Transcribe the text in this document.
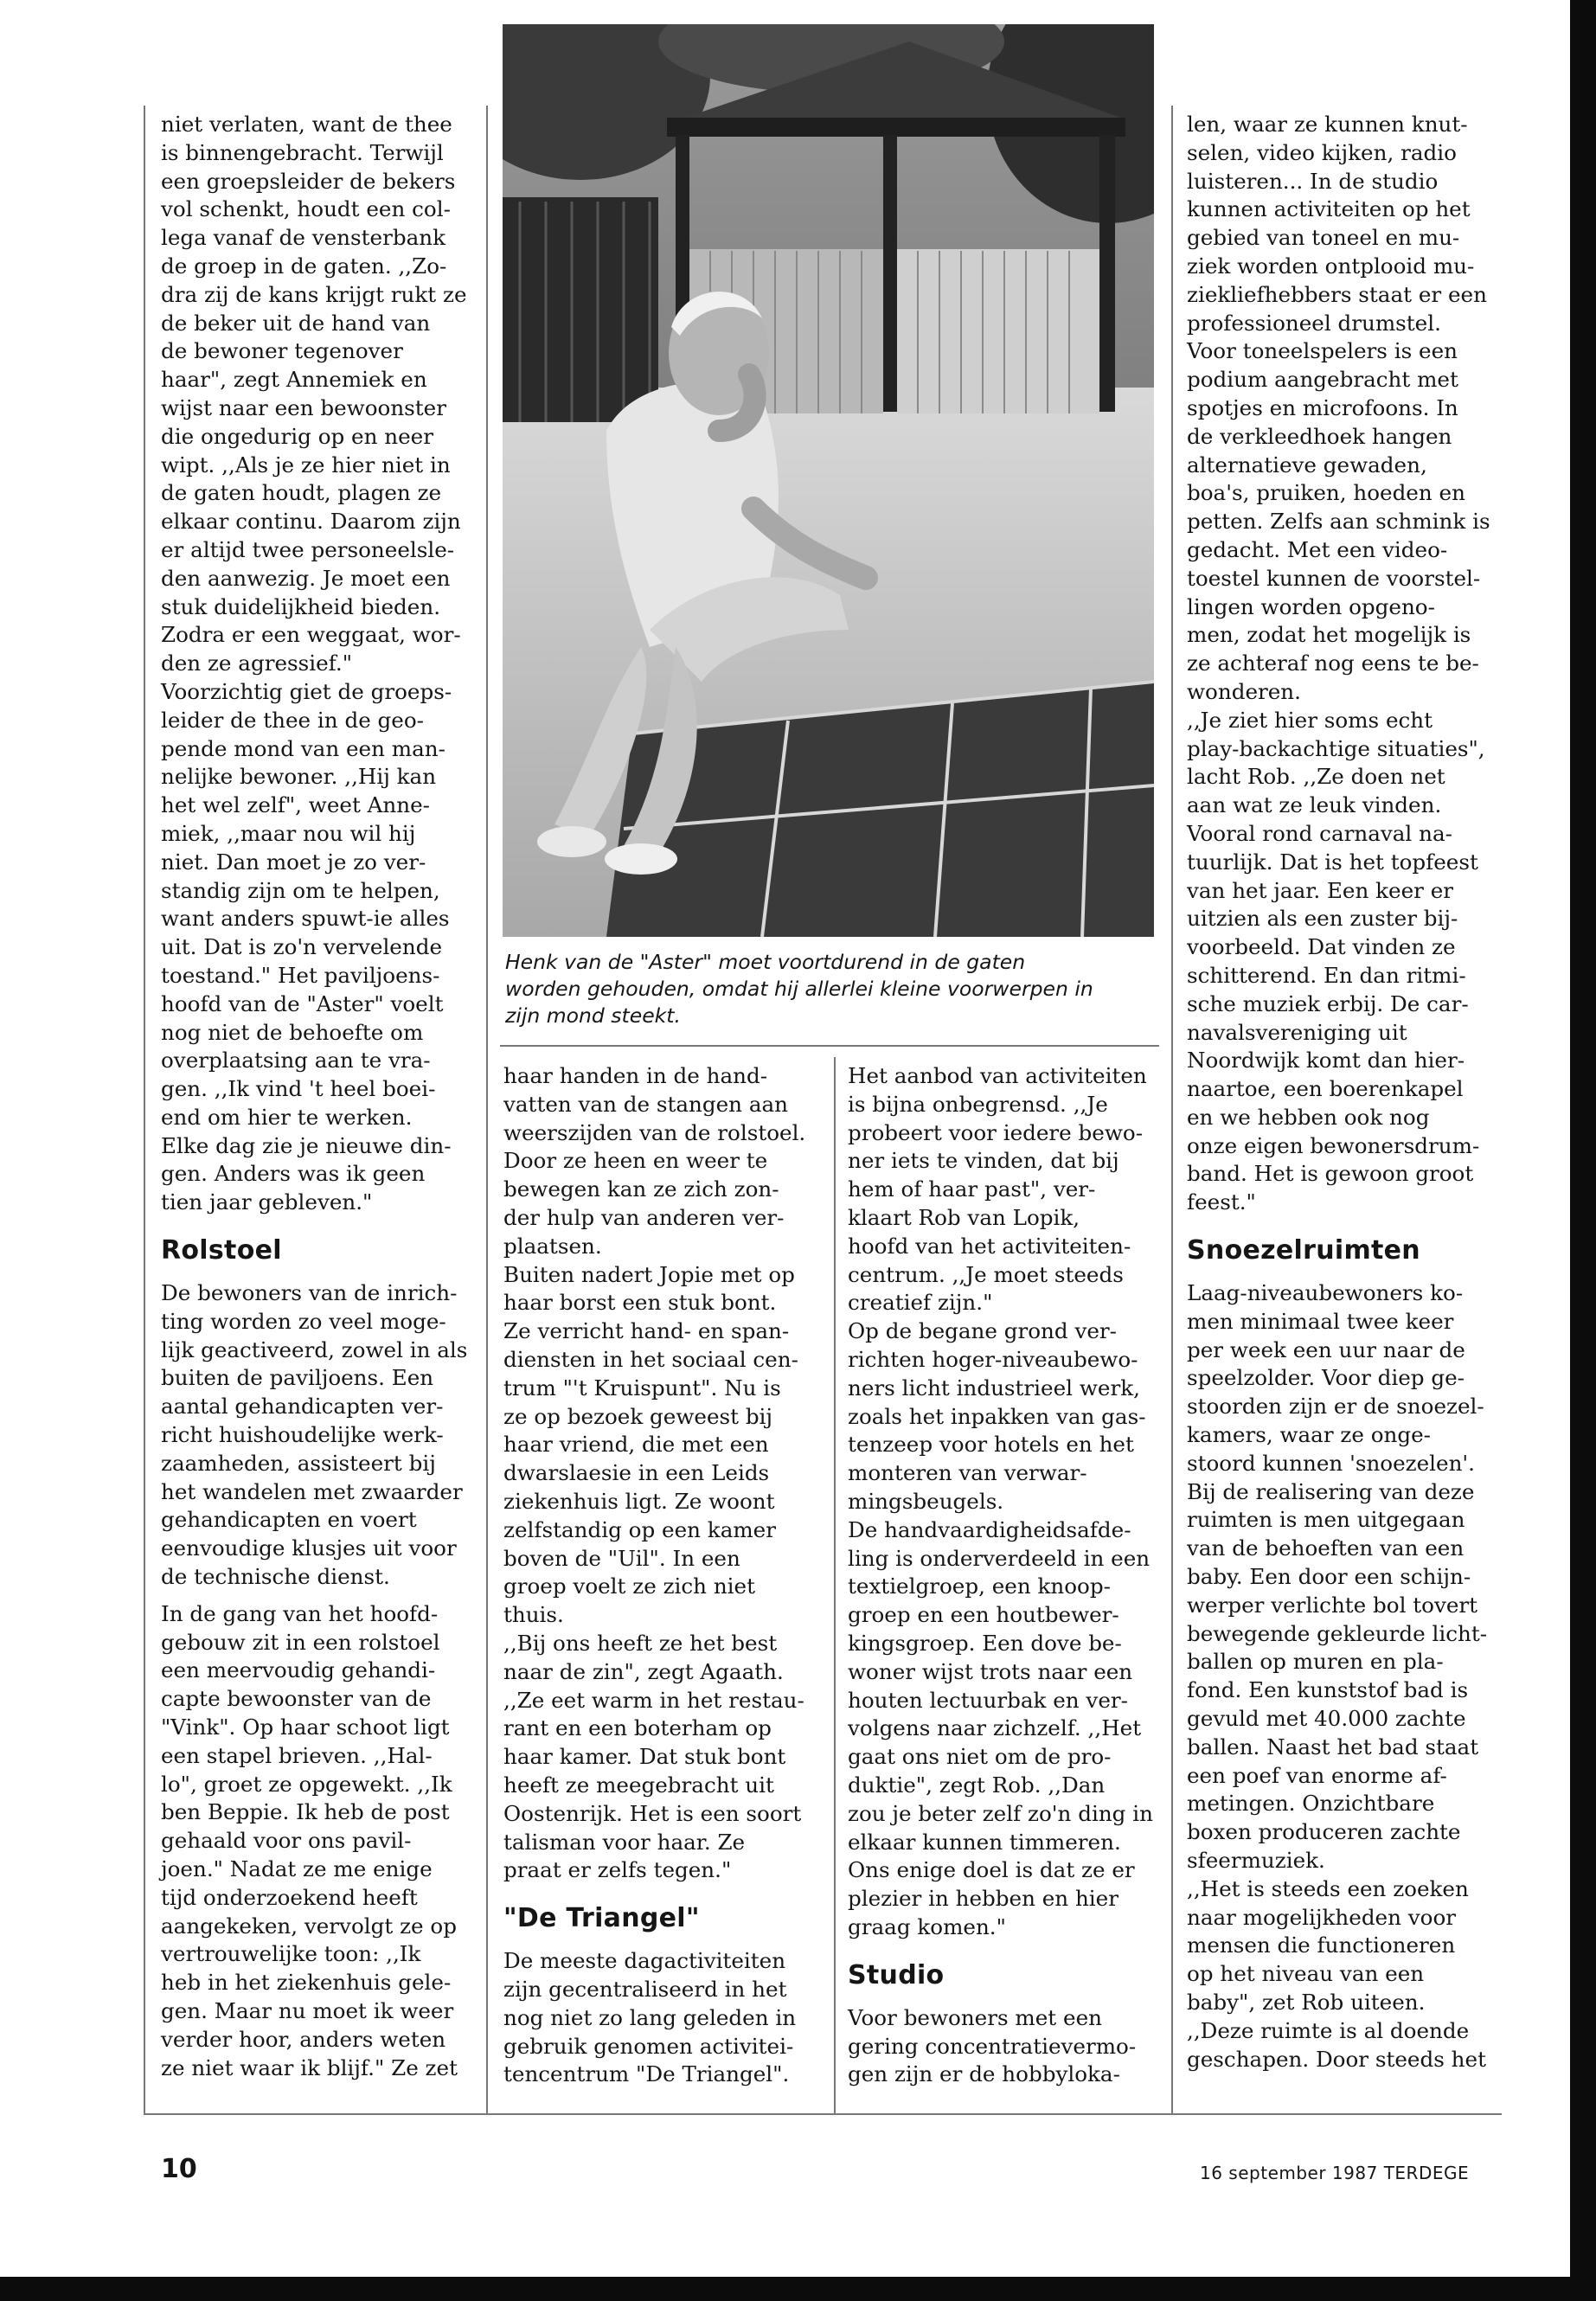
Henk van de "Aster" moet voortdurend in de gaten

worden gehouden, omdat hij allerlei kleine voorwerpen in

zijn mond steekt.

niet verlaten, want de thee

is binnengebracht. Terwijl

een groepsleider de bekers

vol schenkt, houdt een col-

lega vanaf de vensterbank

de groep in de gaten. ,,Zo-

dra zij de kans krijgt rukt ze

de beker uit de hand van

de bewoner tegenover

haar", zegt Annemiek en

wijst naar een bewoonster

die ongedurig op en neer

wipt. ,,Als je ze hier niet in

de gaten houdt, plagen ze

elkaar continu. Daarom zijn

er altijd twee personeelsle-

den aanwezig. Je moet een

stuk duidelijkheid bieden.

Zodra er een weggaat, wor-

den ze agressief."

Voorzichtig giet de groeps-

leider de thee in de geo-

pende mond van een man-

nelijke bewoner. ,,Hij kan

het wel zelf", weet Anne-

miek, ,,maar nou wil hij

niet. Dan moet je zo ver-

standig zijn om te helpen,

want anders spuwt-ie alles

uit. Dat is zo'n vervelende

toestand." Het paviljoens-

hoofd van de "Aster" voelt

nog niet de behoefte om

overplaatsing aan te vra-

gen. ,,Ik vind 't heel boei-

end om hier te werken.

Elke dag zie je nieuwe din-

gen. Anders was ik geen

tien jaar gebleven."

Rolstoel

De bewoners van de inrich-

ting worden zo veel moge-

lijk geactiveerd, zowel in als

buiten de paviljoens. Een

aantal gehandicapten ver-

richt huishoudelijke werk-

zaamheden, assisteert bij

het wandelen met zwaarder

gehandicapten en voert

eenvoudige klusjes uit voor

de technische dienst.

In de gang van het hoofd-

gebouw zit in een rolstoel

een meervoudig gehandi-

capte bewoonster van de

"Vink". Op haar schoot ligt

een stapel brieven. ,,Hal-

lo", groet ze opgewekt. ,,Ik

ben Beppie. Ik heb de post

gehaald voor ons pavil-

joen." Nadat ze me enige

tijd onderzoekend heeft

aangekeken, vervolgt ze op

vertrouwelijke toon: ,,Ik

heb in het ziekenhuis gele-

gen. Maar nu moet ik weer

verder hoor, anders weten

ze niet waar ik blijf." Ze zet

haar handen in de hand-

vatten van de stangen aan

weerszijden van de rolstoel.

Door ze heen en weer te

bewegen kan ze zich zon-

der hulp van anderen ver-

plaatsen.

Buiten nadert Jopie met op

haar borst een stuk bont.

Ze verricht hand- en span-

diensten in het sociaal cen-

trum "'t Kruispunt". Nu is

ze op bezoek geweest bij

haar vriend, die met een

dwarslaesie in een Leids

ziekenhuis ligt. Ze woont

zelfstandig op een kamer

boven de "Uil". In een

groep voelt ze zich niet

thuis.

,,Bij ons heeft ze het best

naar de zin", zegt Agaath.

,,Ze eet warm in het restau-

rant en een boterham op

haar kamer. Dat stuk bont

heeft ze meegebracht uit

Oostenrijk. Het is een soort

talisman voor haar. Ze

praat er zelfs tegen."

"De Triangel"

De meeste dagactiviteiten

zijn gecentraliseerd in het

nog niet zo lang geleden in

gebruik genomen activitei-

tencentrum "De Triangel".

Het aanbod van activiteiten

is bijna onbegrensd. ,,Je

probeert voor iedere bewo-

ner iets te vinden, dat bij

hem of haar past", ver-

klaart Rob van Lopik,

hoofd van het activiteiten-

centrum. ,,Je moet steeds

creatief zijn."

Op de begane grond ver-

richten hoger-niveaubewo-

ners licht industrieel werk,

zoals het inpakken van gas-

tenzeep voor hotels en het

monteren van verwar-

mingsbeugels.

De handvaardigheidsafde-

ling is onderverdeeld in een

textielgroep, een knoop-

groep en een houtbewer-

kingsgroep. Een dove be-

woner wijst trots naar een

houten lectuurbak en ver-

volgens naar zichzelf. ,,Het

gaat ons niet om de pro-

duktie", zegt Rob. ,,Dan

zou je beter zelf zo'n ding in

elkaar kunnen timmeren.

Ons enige doel is dat ze er

plezier in hebben en hier

graag komen."

Studio

Voor bewoners met een

gering concentratievermo-

gen zijn er de hobbyloka-

len, waar ze kunnen knut-

selen, video kijken, radio

luisteren... In de studio

kunnen activiteiten op het

gebied van toneel en mu-

ziek worden ontplooid mu-

ziekliefhebbers staat er een

professioneel drumstel.

Voor toneelspelers is een

podium aangebracht met

spotjes en microfoons. In

de verkleedhoek hangen

alternatieve gewaden,

boa's, pruiken, hoeden en

petten. Zelfs aan schmink is

gedacht. Met een video-

toestel kunnen de voorstel-

lingen worden opgeno-

men, zodat het mogelijk is

ze achteraf nog eens te be-

wonderen.

,,Je ziet hier soms echt

play-backachtige situaties",

lacht Rob. ,,Ze doen net

aan wat ze leuk vinden.

Vooral rond carnaval na-

tuurlijk. Dat is het topfeest

van het jaar. Een keer er

uitzien als een zuster bij-

voorbeeld. Dat vinden ze

schitterend. En dan ritmi-

sche muziek erbij. De car-

navalsvereniging uit

Noordwijk komt dan hier-

naartoe, een boerenkapel

en we hebben ook nog

onze eigen bewonersdrum-

band. Het is gewoon groot

feest."

Snoezelruimten

Laag-niveaubewoners ko-

men minimaal twee keer

per week een uur naar de

speelzolder. Voor diep ge-

stoorden zijn er de snoezel-

kamers, waar ze onge-

stoord kunnen 'snoezelen'.

Bij de realisering van deze

ruimten is men uitgegaan

van de behoeften van een

baby. Een door een schijn-

werper verlichte bol tovert

bewegende gekleurde licht-

ballen op muren en pla-

fond. Een kunststof bad is

gevuld met 40.000 zachte

ballen. Naast het bad staat

een poef van enorme af-

metingen. Onzichtbare

boxen produceren zachte

sfeermuziek.

,,Het is steeds een zoeken

naar mogelijkheden voor

mensen die functioneren

op het niveau van een

baby", zet Rob uiteen.

,,Deze ruimte is al doende

geschapen. Door steeds het

10	16 september 1987 TERDEGE
